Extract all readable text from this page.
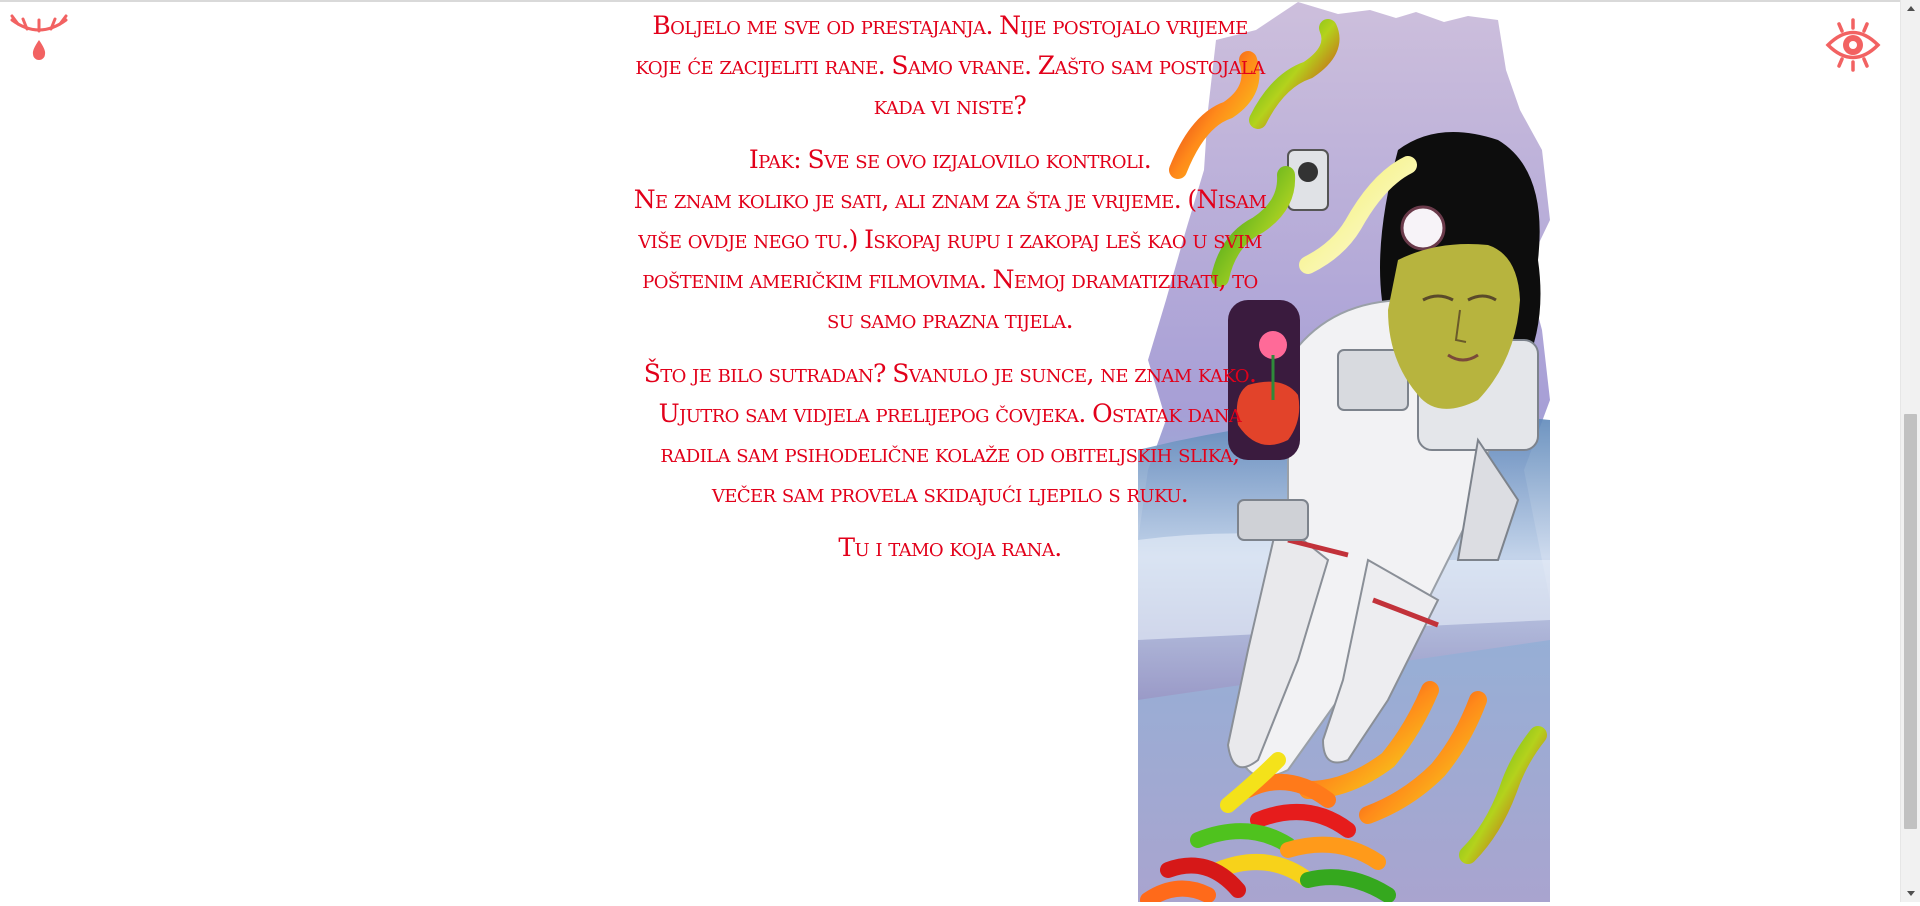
Boljelo me sve od prestajanja. Nije postojalo vrijeme koje će zacijeliti rane. Samo vrane. Zašto sam postojala kada vi niste?

Ipak: Sve se ovo izjalovilo kontroli.

Ne znam koliko je sati, ali znam za šta je vrijeme. (Nisam više ovdje nego tu.) Iskopaj rupu i zakopaj leš kao u svim poštenim američkim filmovima. Nemoj dramatizirati, to su samo prazna tijela.

Što je bilo sutradan? Svanulo je sunce, ne znam kako. Ujutro sam vidjela prelijepog čovjeka. Ostatak dana radila sam psihodelične kolaže od obiteljskih slika, večer sam provela skidajući ljepilo s ruku.

Tu i tamo koja rana.
